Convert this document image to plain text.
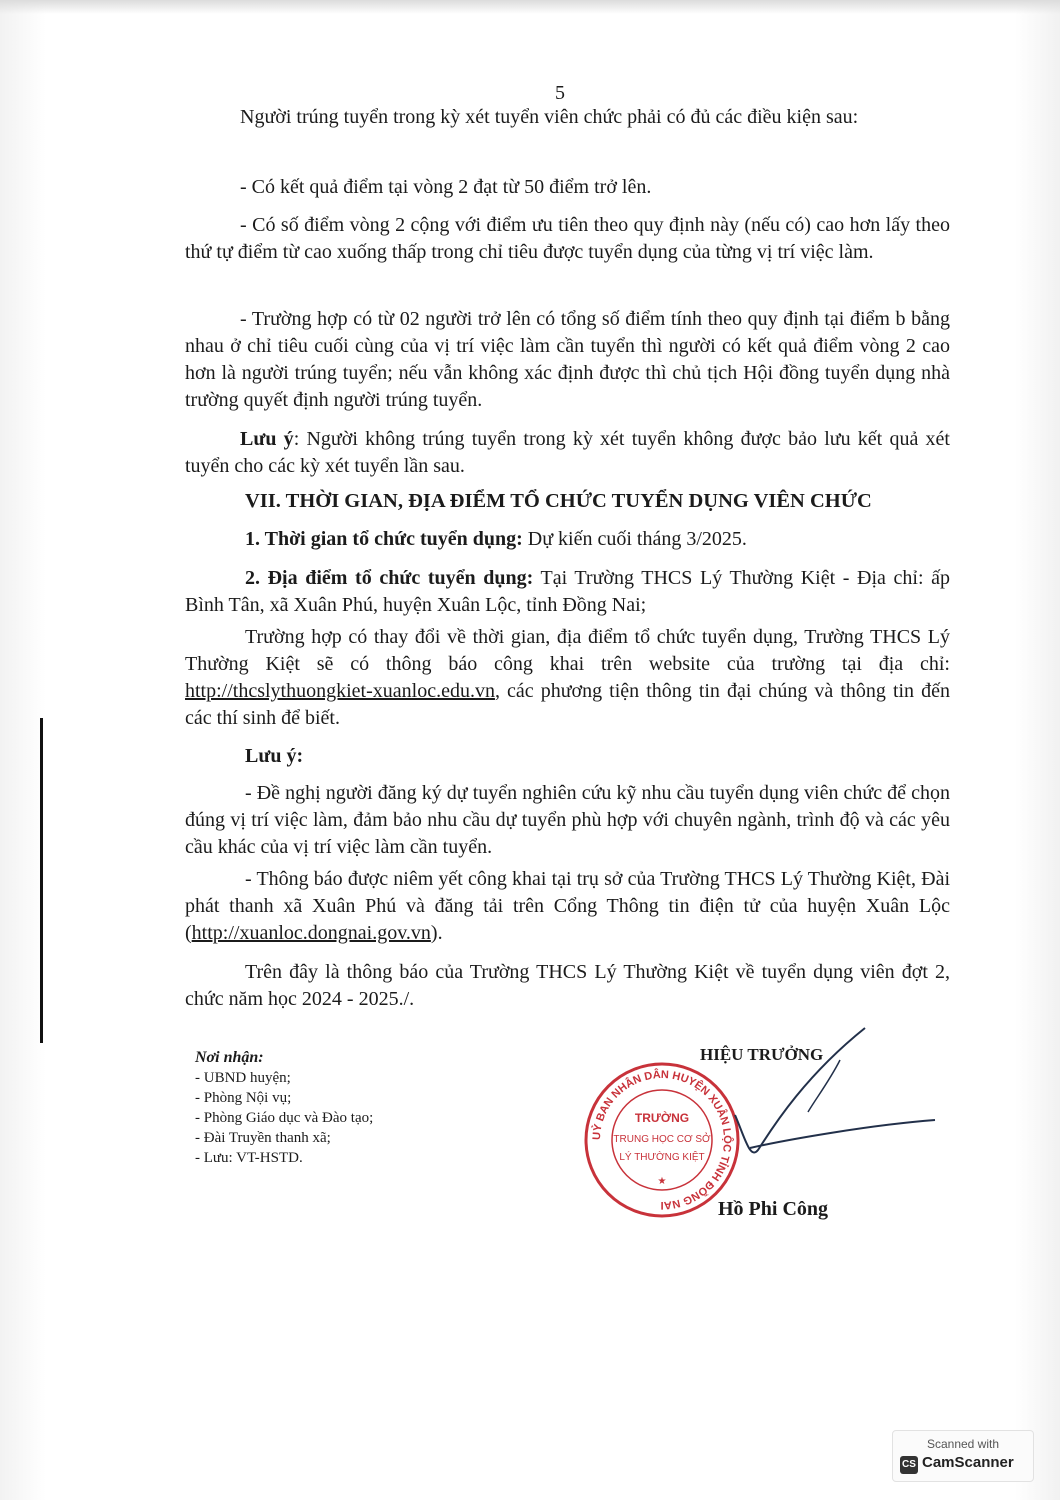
5
Người trúng tuyển trong kỳ xét tuyển viên chức phải có đủ các điều kiện sau:
- Có kết quả điểm tại vòng 2 đạt từ 50 điểm trở lên.
- Có số điểm vòng 2 cộng với điểm ưu tiên theo quy định này (nếu có) cao hơn lấy theo thứ tự điểm từ cao xuống thấp trong chỉ tiêu được tuyển dụng của từng vị trí việc làm.
- Trường hợp có từ 02 người trở lên có tổng số điểm tính theo quy định tại điểm b bằng nhau ở chỉ tiêu cuối cùng của vị trí việc làm cần tuyển thì người có kết quả điểm vòng 2 cao hơn là người trúng tuyển; nếu vẫn không xác định được thì chủ tịch Hội đồng tuyển dụng nhà trường quyết định người trúng tuyển.
Lưu ý: Người không trúng tuyển trong kỳ xét tuyển không được bảo lưu kết quả xét tuyển cho các kỳ xét tuyển lần sau.
VII. THỜI GIAN, ĐỊA ĐIỂM TỔ CHỨC TUYỂN DỤNG VIÊN CHỨC
1. Thời gian tổ chức tuyển dụng: Dự kiến cuối tháng 3/2025.
2. Địa điểm tổ chức tuyển dụng: Tại Trường THCS Lý Thường Kiệt - Địa chỉ: ấp Bình Tân, xã Xuân Phú, huyện Xuân Lộc, tỉnh Đồng Nai;
Trường hợp có thay đổi về thời gian, địa điểm tổ chức tuyển dụng, Trường THCS Lý Thường Kiệt sẽ có thông báo công khai trên website của trường tại địa chỉ: http://thcslythuongkiet-xuanloc.edu.vn, các phương tiện thông tin đại chúng và thông tin đến các thí sinh để biết.
Lưu ý:
- Đề nghị người đăng ký dự tuyển nghiên cứu kỹ nhu cầu tuyển dụng viên chức để chọn đúng vị trí việc làm, đảm bảo nhu cầu dự tuyển phù hợp với chuyên ngành, trình độ và các yêu cầu khác của vị trí việc làm cần tuyển.
- Thông báo được niêm yết công khai tại trụ sở của Trường THCS Lý Thường Kiệt, Đài phát thanh xã Xuân Phú và đăng tải trên Cổng Thông tin điện tử của huyện Xuân Lộc (http://xuanloc.dongnai.gov.vn).
Trên đây là thông báo của Trường THCS Lý Thường Kiệt về tuyển dụng viên đợt 2, chức năm học 2024 - 2025./.
Nơi nhận:
- UBND huyện;
- Phòng Nội vụ;
- Phòng Giáo dục và Đào tạo;
- Đài Truyền thanh xã;
- Lưu: VT-HSTD.
HIỆU TRƯỞNG
UỶ BAN NHÂN DÂN HUYỆN XUÂN LỘC TỈNH ĐỒNG NAI
TRƯỜNG
TRUNG HỌC CƠ SỞ
LÝ THƯỜNG KIỆT
★
Hồ Phi Công
Scanned with
CS CamScanner
